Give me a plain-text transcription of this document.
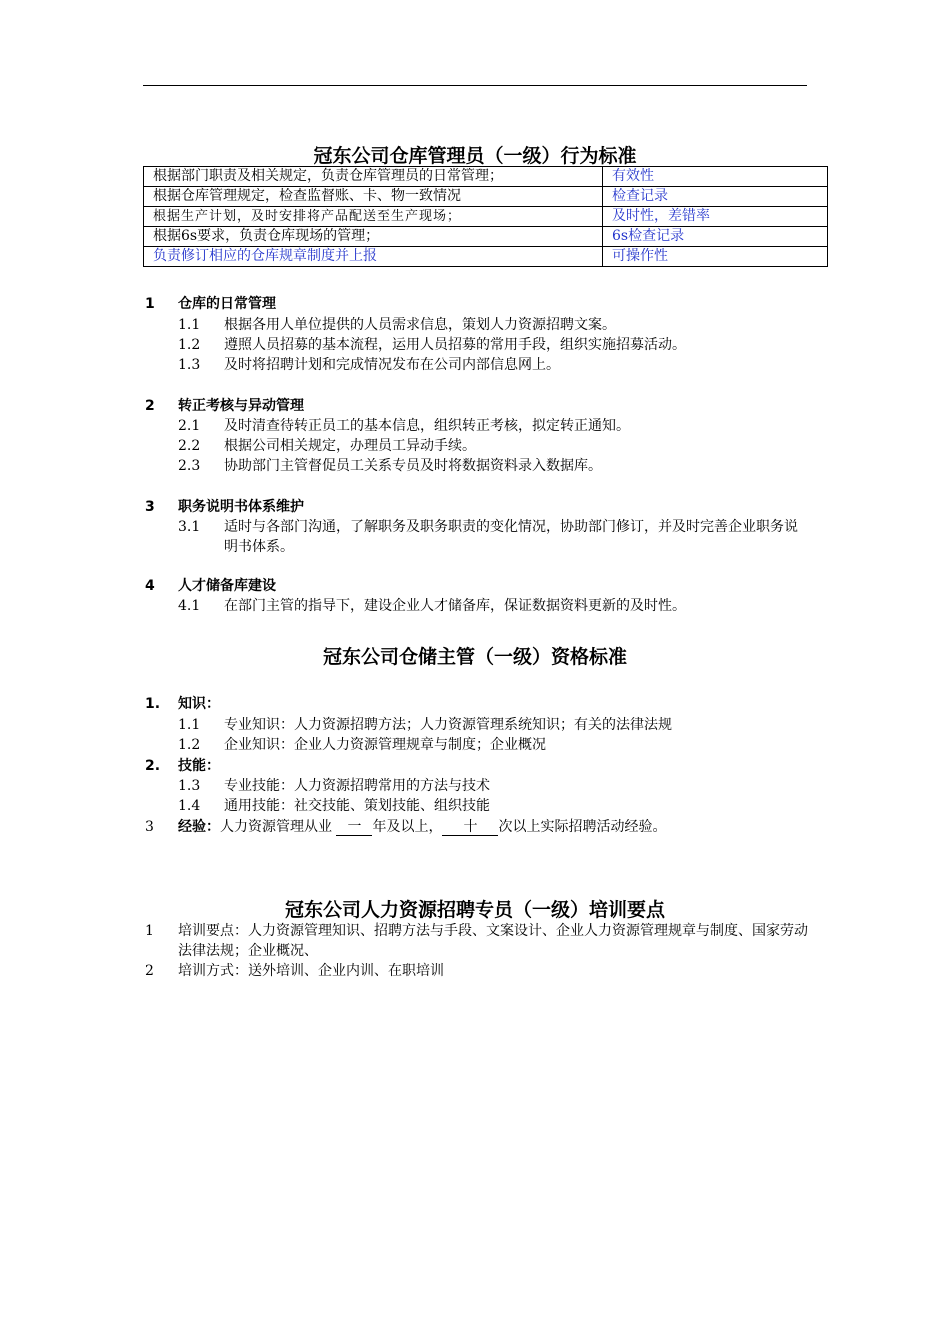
冠东公司仓库管理员（一级）行为标准
根据部门职责及相关规定，负责仓库管理员的日常管理；	有效性
根据仓库管理规定，检查监督账、卡、物一致情况	检查记录
根据生产计划，及时安排将产品配送至生产现场；	及时性，差错率
根据6s要求，负责仓库现场的管理；	6s检查记录
负责修订相应的仓库规章制度并上报	可操作性
1 仓库的日常管理
1.1 根据各用人单位提供的人员需求信息，策划人力资源招聘文案。
1.2 遵照人员招募的基本流程，运用人员招募的常用手段，组织实施招募活动。
1.3 及时将招聘计划和完成情况发布在公司内部信息网上。
2 转正考核与异动管理
2.1 及时清查待转正员工的基本信息，组织转正考核，拟定转正通知。
2.2 根据公司相关规定，办理员工异动手续。
2.3 协助部门主管督促员工关系专员及时将数据资料录入数据库。
3 职务说明书体系维护
3.1 适时与各部门沟通，了解职务及职务职责的变化情况，协助部门修订，并及时完善企业职务说明书体系。
4 人才储备库建设
4.1 在部门主管的指导下，建设企业人才储备库，保证数据资料更新的及时性。
冠东公司仓储主管（一级）资格标准
1. 知识：
1.1 专业知识：人力资源招聘方法；人力资源管理系统知识；有关的法律法规
1.2 企业知识：企业人力资源管理规章与制度；企业概况
2. 技能：
1.3 专业技能：人力资源招聘常用的方法与技术
1.4 通用技能：社交技能、策划技能、组织技能
3 经验：人力资源管理从业 一 年及以上， 十 次以上实际招聘活动经验。
冠东公司人力资源招聘专员（一级）培训要点
1 培训要点：人力资源管理知识、招聘方法与手段、文案设计、企业人力资源管理规章与制度、国家劳动法律法规；企业概况、
2 培训方式：送外培训、企业内训、在职培训
